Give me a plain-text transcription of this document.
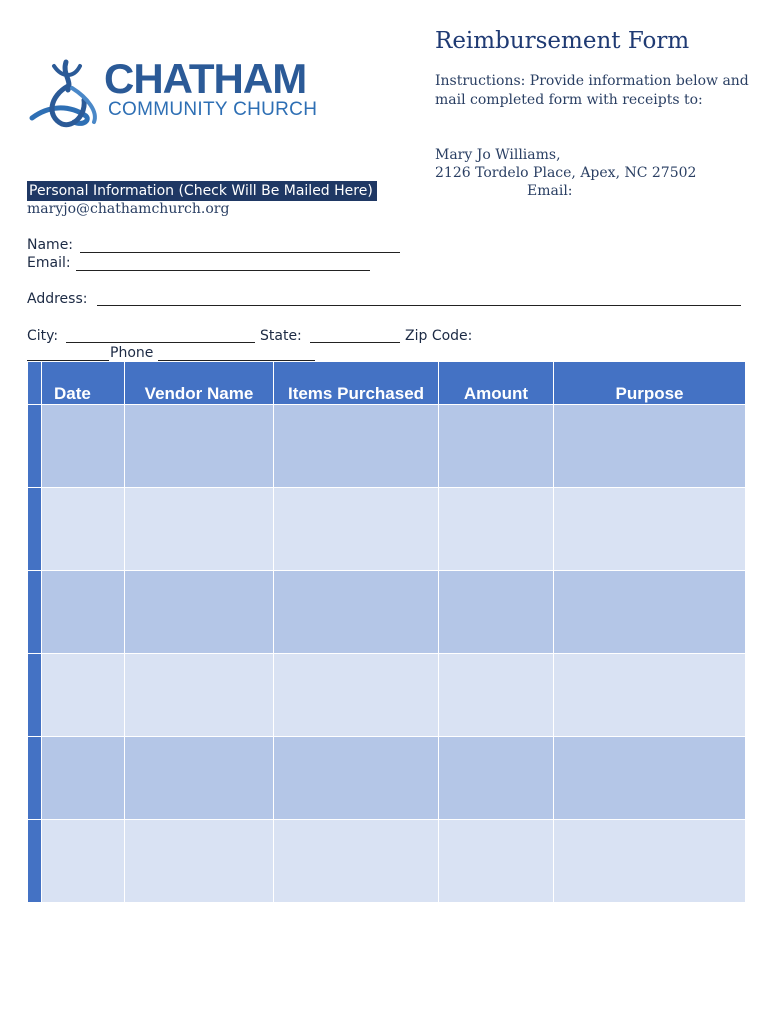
CHATHAM
COMMUNITY CHURCH
Reimbursement Form
Instructions: Provide information below and mail completed form with receipts to:
Mary Jo Williams,
2126 Tordelo Place, Apex, NC 27502
Email:
Personal Information (Check Will Be Mailed Here)
maryjo@chathamchurch.org
Name:
Email:
Address:
City:	State:	Zip Code:
Phone
	Date	Vendor Name	Items Purchased	Amount	Purpose
